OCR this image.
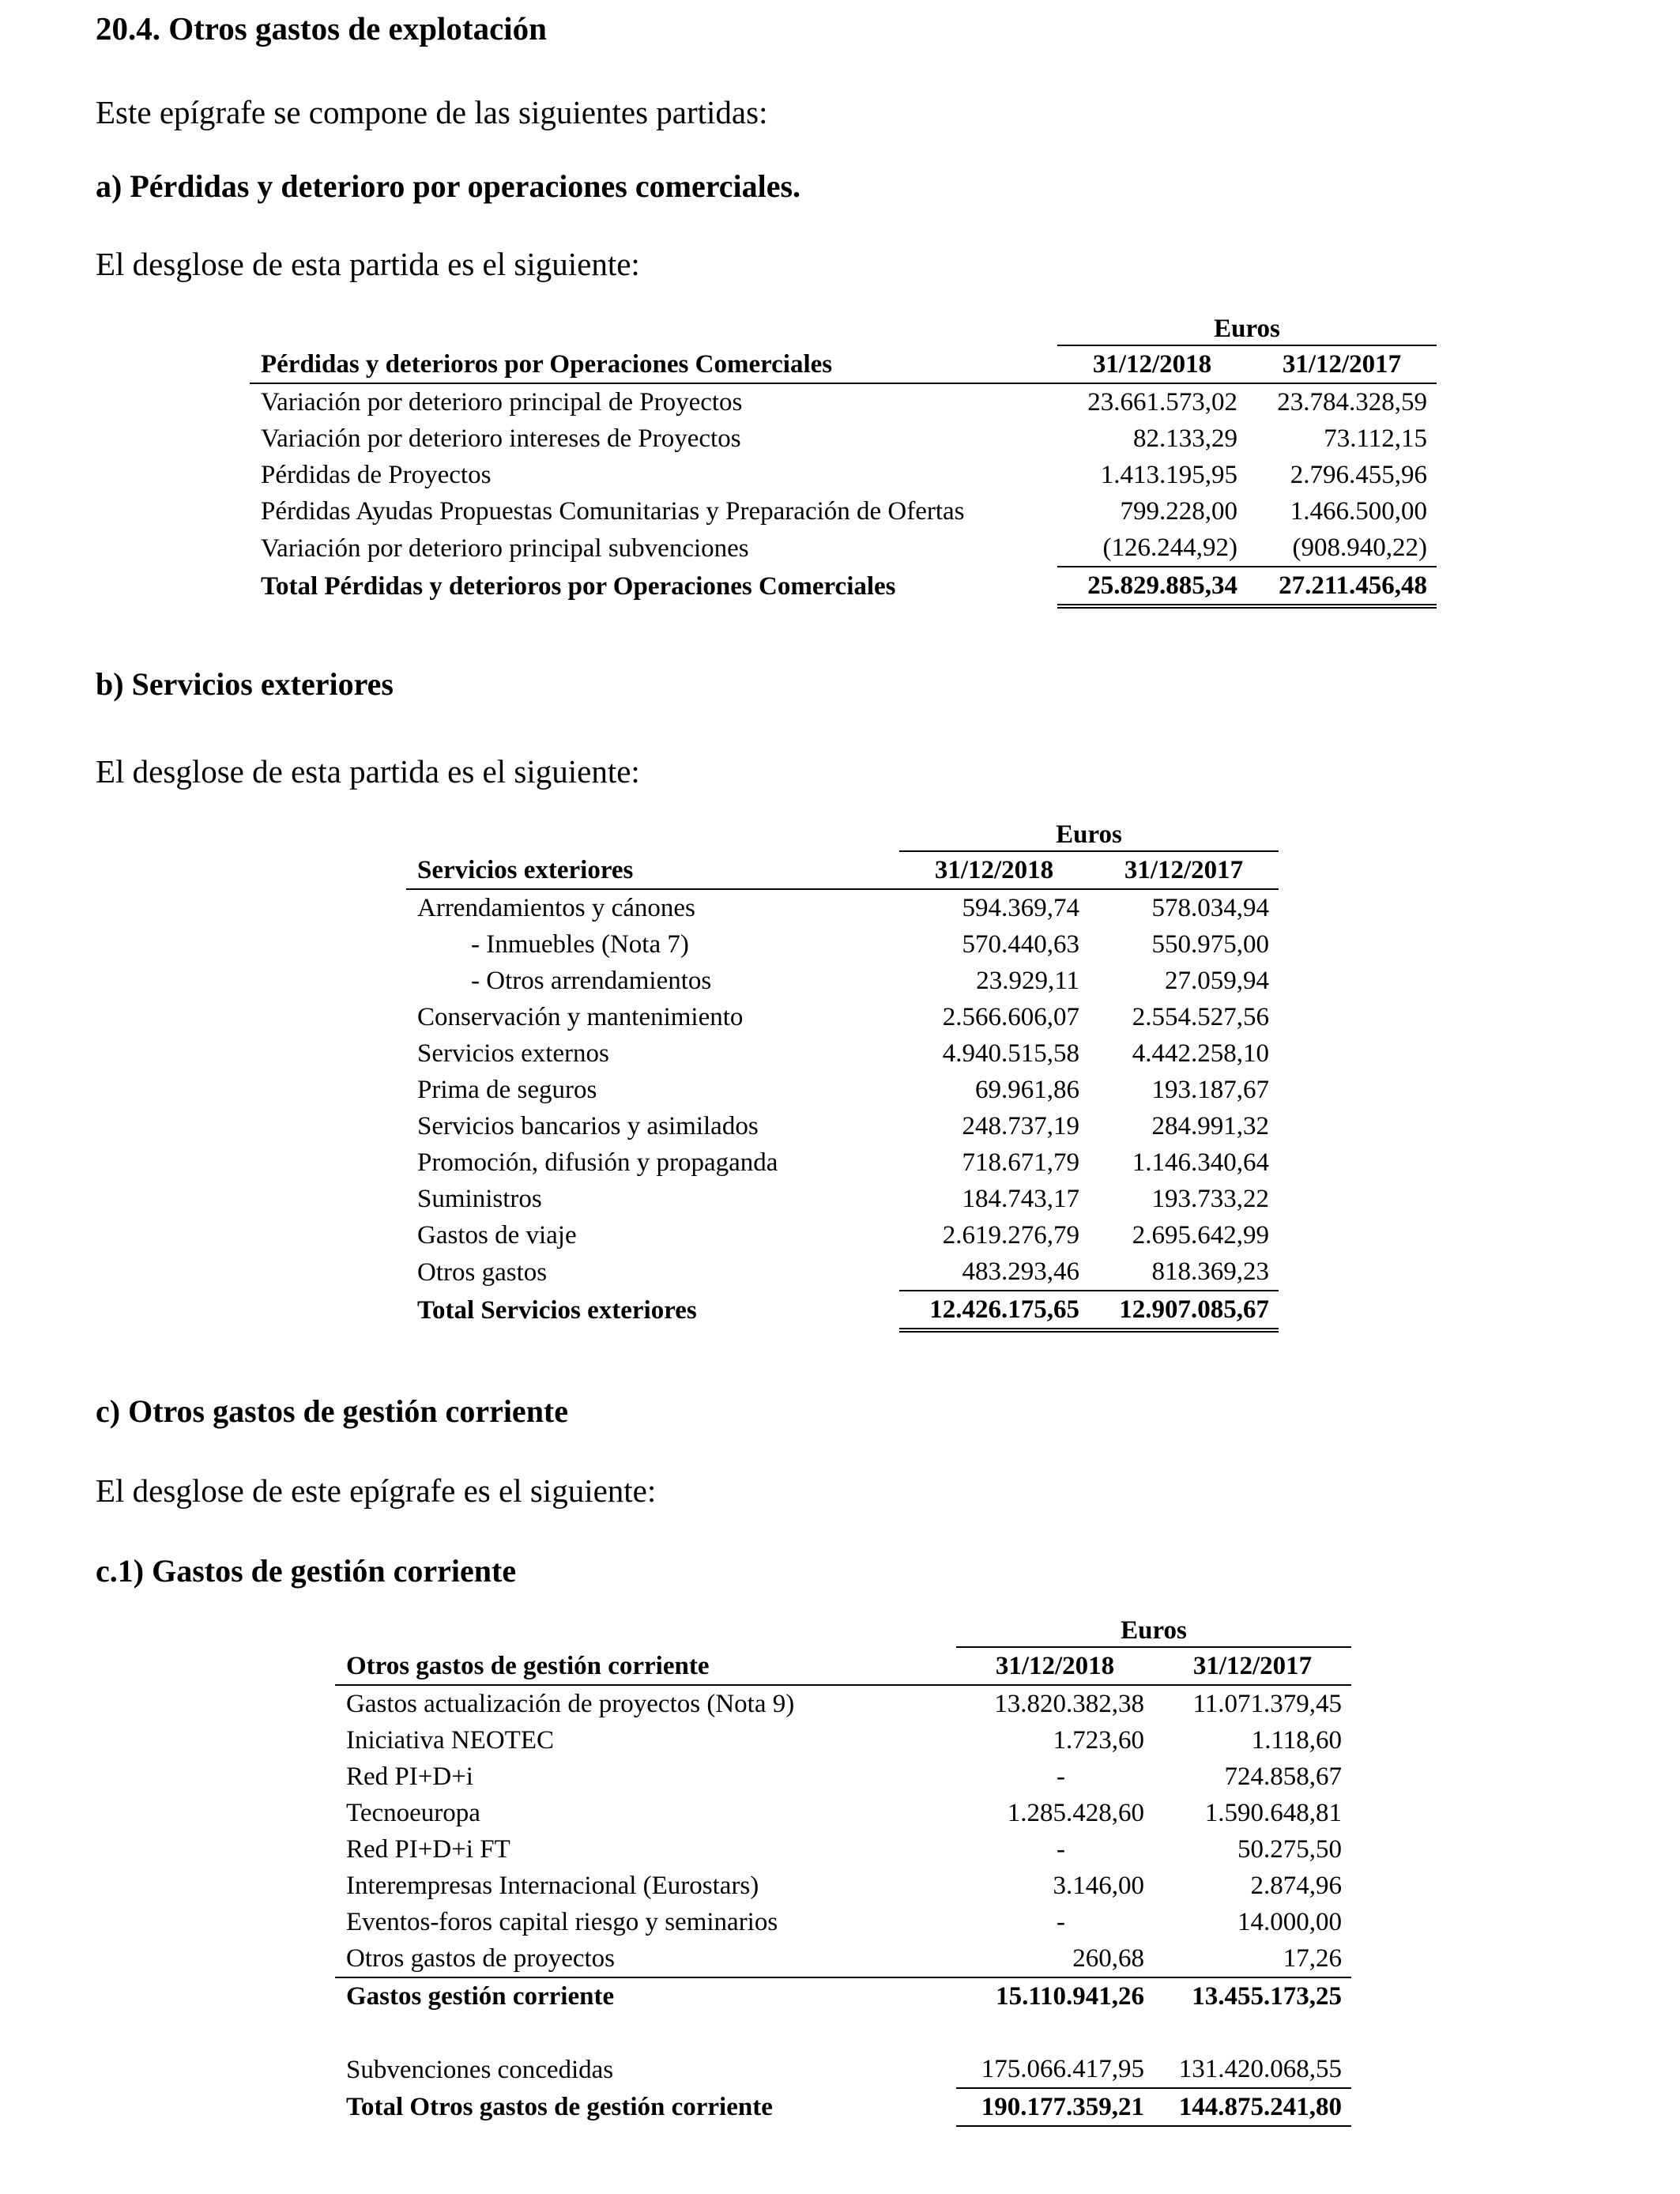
20.4. Otros gastos de explotación
Este epígrafe se compone de las siguientes partidas:
a) Pérdidas y deterioro por operaciones comerciales.
El desglose de esta partida es el siguiente:
	Euros	
Pérdidas y deterioros por Operaciones Comerciales	31/12/2018	31/12/2017
Variación por deterioro principal de Proyectos	23.661.573,02	23.784.328,59
Variación por deterioro intereses de Proyectos	82.133,29	73.112,15
Pérdidas de Proyectos	1.413.195,95	2.796.455,96
Pérdidas Ayudas Propuestas Comunitarias y Preparación de Ofertas	799.228,00	1.466.500,00
Variación por deterioro principal subvenciones	(126.244,92)	(908.940,22)
Total Pérdidas y deterioros por Operaciones Comerciales	25.829.885,34	27.211.456,48
b) Servicios exteriores
El desglose de esta partida es el siguiente:
	Euros	
Servicios exteriores	31/12/2018	31/12/2017
Arrendamientos y cánones	594.369,74	578.034,94
- Inmuebles (Nota 7)	570.440,63	550.975,00
- Otros arrendamientos	23.929,11	27.059,94
Conservación y mantenimiento	2.566.606,07	2.554.527,56
Servicios externos	4.940.515,58	4.442.258,10
Prima de seguros	69.961,86	193.187,67
Servicios bancarios y asimilados	248.737,19	284.991,32
Promoción, difusión y propaganda	718.671,79	1.146.340,64
Suministros	184.743,17	193.733,22
Gastos de viaje	2.619.276,79	2.695.642,99
Otros gastos	483.293,46	818.369,23
Total Servicios exteriores	12.426.175,65	12.907.085,67
c) Otros gastos de gestión corriente
El desglose de este epígrafe es el siguiente:
c.1) Gastos de gestión corriente
	Euros	
Otros gastos de gestión corriente	31/12/2018	31/12/2017
Gastos actualización de proyectos (Nota 9)	13.820.382,38	11.071.379,45
Iniciativa NEOTEC	1.723,60	1.118,60
Red PI+D+i	-	724.858,67
Tecnoeuropa	1.285.428,60	1.590.648,81
Red PI+D+i FT	-	50.275,50
Interempresas Internacional (Eurostars)	3.146,00	2.874,96
Eventos-foros capital riesgo y seminarios	-	14.000,00
Otros gastos de proyectos	260,68	17,26
Gastos gestión corriente	15.110.941,26	13.455.173,25

Subvenciones concedidas	175.066.417,95	131.420.068,55
Total Otros gastos de gestión corriente	190.177.359,21	144.875.241,80
